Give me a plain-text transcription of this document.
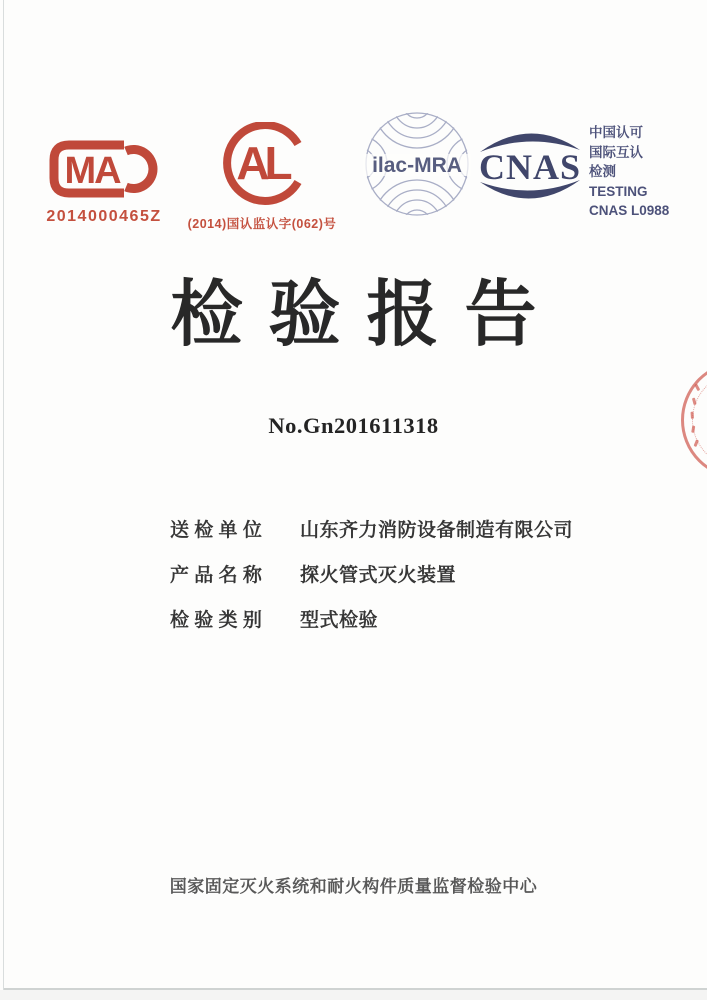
MA
2014000465Z
AL
(2014)国认监认字(062)号
ilac-MRA CNAS
中国认可
国际互认
检测
TESTING
CNAS L0988
检验报告
No.Gn201611318
送 检 单 位 山东齐力消防设备制造有限公司
产 品 名 称 探火管式灭火装置
检 验 类 别 型式检验
国家固定灭火系统和耐火构件质量监督检验中心
